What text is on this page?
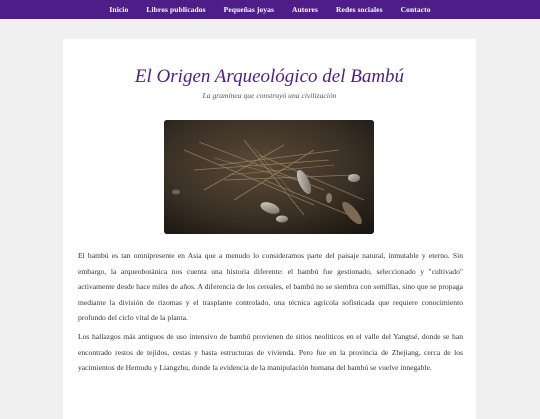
Inicio Libros publicados Pequeñas joyas Autores Redes sociales Contacto
El Origen Arqueológico del Bambú
La gramínea que construyó una civilización

El bambú es tan omnipresente en Asia que a menudo lo consideramos parte del paisaje natural, inmutable y eterno. Sin embargo, la arqueobotánica nos cuenta una historia diferente: el bambú fue gestionado, seleccionado y "cultivado" activamente desde hace miles de años. A diferencia de los cereales, el bambú no se siembra con semillas, sino que se propaga mediante la división de rizomas y el trasplante controlado, una técnica agrícola sofisticada que requiere conocimiento profundo del ciclo vital de la planta.

Los hallazgos más antiguos de uso intensivo de bambú provienen de sitios neolíticos en el valle del Yangtsé, donde se han encontrado restos de tejidos, cestas y hasta estructuras de vivienda. Pero fue en la provincia de Zhejiang, cerca de los yacimientos de Hemudu y Liangzhu, donde la evidencia de la manipulación humana del bambú se vuelve innegable.
